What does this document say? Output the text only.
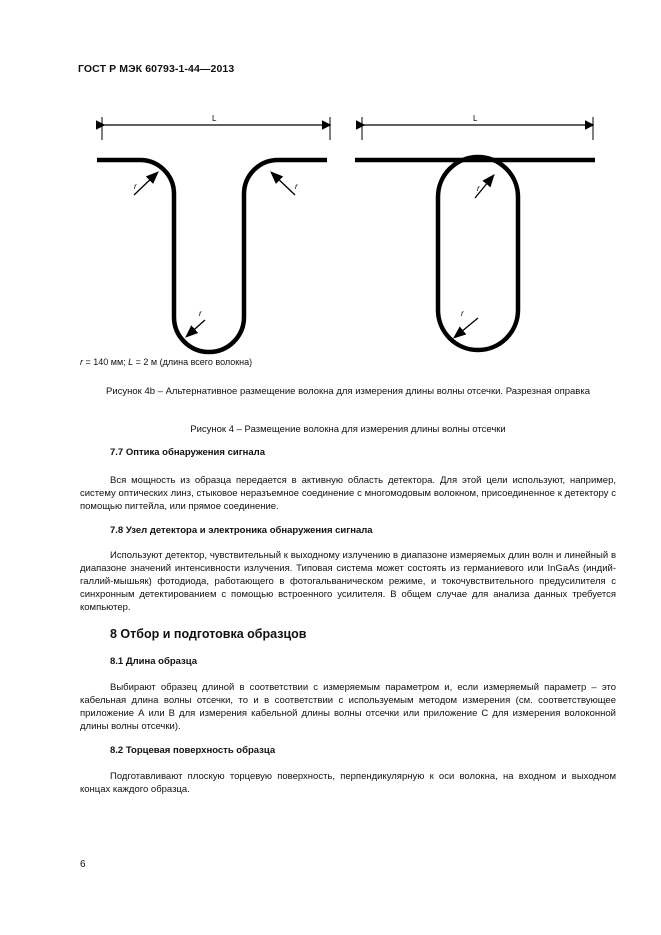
ГОСТ Р МЭК 60793-1-44—2013
L
r	r
r
L
r
r
r = 140 мм; L = 2 м (длина всего волокна)
Рисунок 4b – Альтернативное размещение волокна для измерения длины волны отсечки. Разрезная оправка
Рисунок 4 – Размещение волокна для измерения длины волны отсечки
7.7 Оптика обнаружения сигнала
Вся мощность из образца передается в активную область детектора. Для этой цели используют, например, систему оптических линз, стыковое неразъемное соединение с многомодовым волокном, присоединенное к детектору с помощью пигтейла, или прямое соединение.
7.8 Узел детектора и электроника обнаружения сигнала
Используют детектор, чувствительный к выходному излучению в диапазоне измеряемых длин волн и линейный в диапазоне значений интенсивности излучения. Типовая система может состоять из германиевого или InGaAs (индий-галлий-мышьяк) фотодиода, работающего в фотогальваническом режиме, и токочувствительного предусилителя с синхронным детектированием с помощью встроенного усилителя. В общем случае для анализа данных требуется компьютер.
8 Отбор и подготовка образцов
8.1 Длина образца
Выбирают образец длиной в соответствии с измеряемым параметром и, если измеряемый параметр – это кабельная длина волны отсечки, то и в соответствии с используемым методом измерения (см. соответствующее приложение А или В для измерения кабельной длины волны отсечки или приложение С для измерения волоконной длины волны отсечки).
8.2 Торцевая поверхность образца
Подготавливают плоскую торцевую поверхность, перпендикулярную к оси волокна, на входном и выходном концах каждого образца.
6
